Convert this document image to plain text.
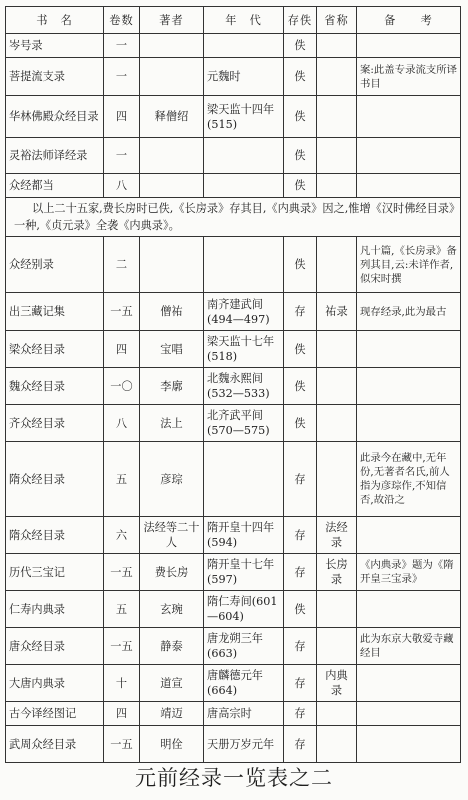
书　名	卷数	著者	年　代	存佚	省称	备　　考
岑号录	一			佚		
菩提流支录	一		元魏时	佚		案:此盖专录流支所译书目
华林佛殿众经目录	四	释僧绍	梁天监十四年(515)	佚		
灵裕法师译经录	一			佚		
众经都当	八			佚		
以上二十五家,费长房时已佚,《长房录》存其目,《内典录》因之,惟增《汉时佛经目录》一种,《贞元录》全袭《内典录》。						
众经别录	二			佚		凡十篇,《长房录》备列其目,云:未详作者,似宋时撰
出三藏记集	一五	僧祐	南齐建武间(494—497)	存	祐录	现存经录,此为最古
梁众经目录	四	宝唱	梁天监十七年(518)	佚		
魏众经目录	一〇	李廓	北魏永熙间(532—533)	佚		
齐众经目录	八	法上	北齐武平间(570—575)	佚		
隋众经目录	五	彦琮		存		此录今在藏中,无年份,无著者名氏,前人指为彦琮作,不知信否,故沿之
隋众经目录	六	法经等二十人	隋开皇十四年(594)	存	法经录	
历代三宝记	一五	费长房	隋开皇十七年(597)	存	长房录	《内典录》题为《隋开皇三宝录》
仁寿内典录	五	玄琬	隋仁寿间(601—604)	佚		
唐众经目录	一五	静泰	唐龙朔三年(663)	存		此为东京大敬爱寺藏经目
大唐内典录	十	道宣	唐麟德元年(664)	存	内典录	
古今译经图记	四	靖迈	唐高宗时	存		
武周众经目录	一五	明佺	天册万岁元年	存		
元前经录一览表之二
